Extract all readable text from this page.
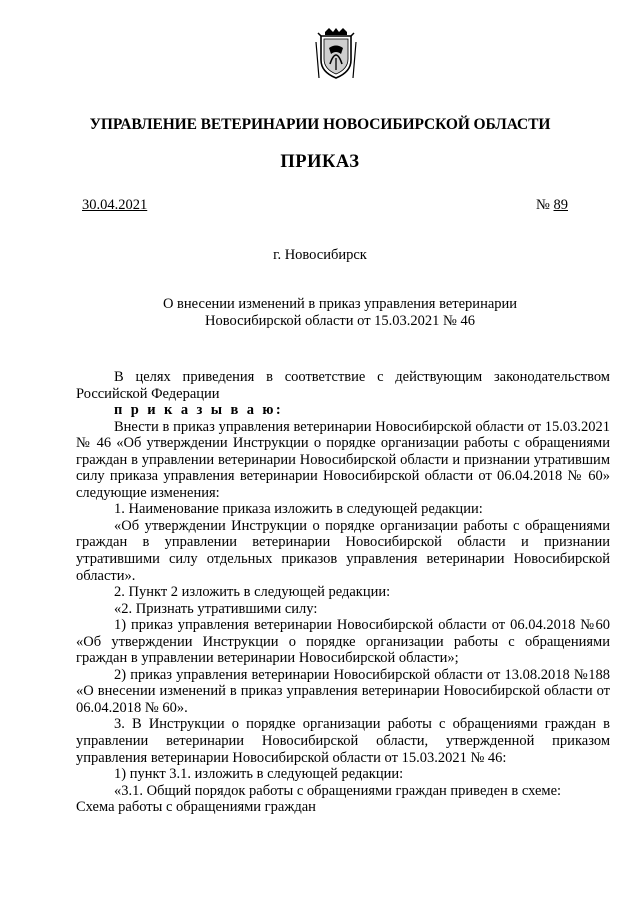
УПРАВЛЕНИЕ ВЕТЕРИНАРИИ НОВОСИБИРСКОЙ ОБЛАСТИ
ПРИКАЗ
30.04.2021	№ 89
г. Новосибирск
О внесении изменений в приказ управления ветеринарии Новосибирской области от 15.03.2021 № 46

В целях приведения в соответствие с действующим законодательством Российской Федерации

п р и к а з ы в а ю:

Внести в приказ управления ветеринарии Новосибирской области от 15.03.2021 № 46 «Об утверждении Инструкции о порядке организации работы с обращениями граждан в управлении ветеринарии Новосибирской области и признании утратившим силу приказа управления ветеринарии Новосибирской области от 06.04.2018 № 60» следующие изменения:

1. Наименование приказа изложить в следующей редакции:

«Об утверждении Инструкции о порядке организации работы с обращениями граждан в управлении ветеринарии Новосибирской области и признании утратившими силу отдельных приказов управления ветеринарии Новосибирской области».

2. Пункт 2 изложить в следующей редакции:

«2. Признать утратившими силу:

1) приказ управления ветеринарии Новосибирской области от 06.04.2018 №60 «Об утверждении Инструкции о порядке организации работы с обращениями граждан в управлении ветеринарии Новосибирской области»;

2) приказ управления ветеринарии Новосибирской области от 13.08.2018 №188 «О внесении изменений в приказ управления ветеринарии Новосибирской области от 06.04.2018 № 60».

3. В Инструкции о порядке организации работы с обращениями граждан в управлении ветеринарии Новосибирской области, утвержденной приказом управления ветеринарии Новосибирской области от 15.03.2021 № 46:

1) пункт 3.1. изложить в следующей редакции:

«3.1. Общий порядок работы с обращениями граждан приведен в схеме:

Схема работы с обращениями граждан
